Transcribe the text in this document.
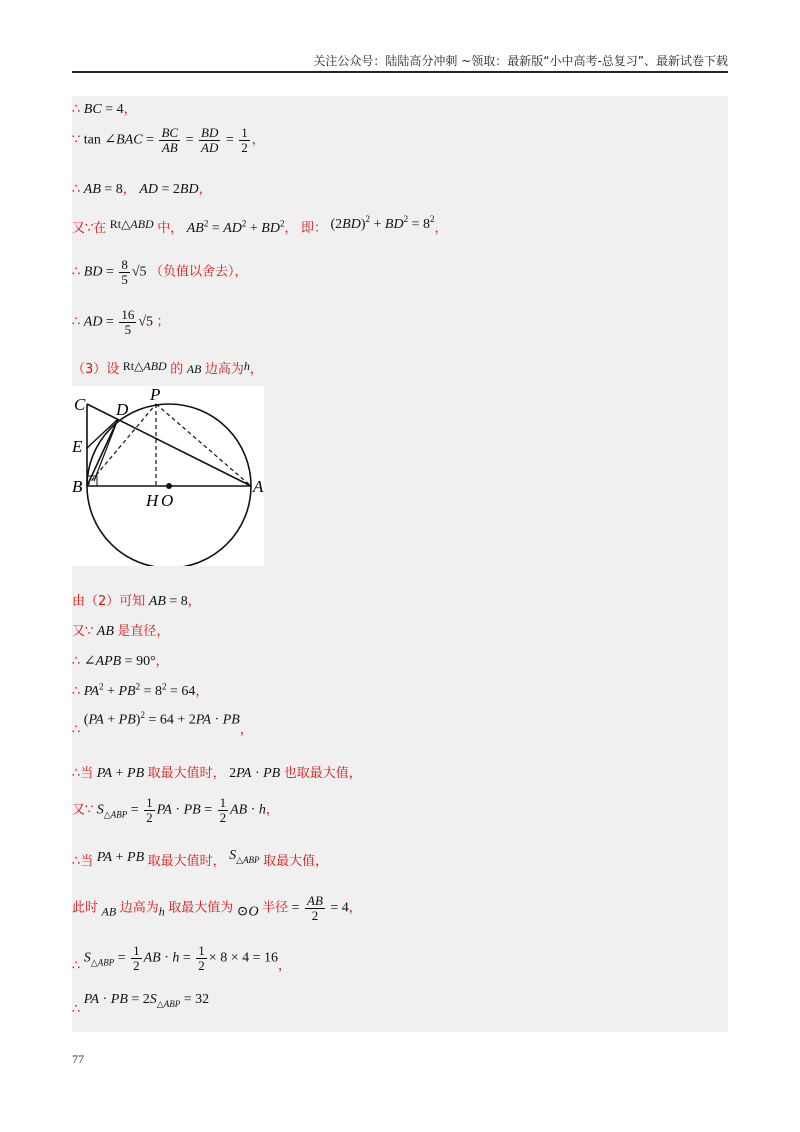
关注公众号：陆陆高分冲刺 ~领取：最新版“小中高考-总复习”、最新试卷下载
∴ BC = 4，
∵ tan ∠BAC = $\frac{BC}{AB} = \frac{BD}{AD} = \frac{1}{2}$ ，
∴ AB = 8， AD = 2BD，
又∵在 Rt△ABD 中， $AB^2 = AD^2 + BD^2$， 即： $(2BD)^2 + BD^2 = 8^2$，
∴ BD = $\frac{8}{5} √5$ （负值以舍去），
∴ AD = $\frac{16}{5} √5$ ；
（3）设 Rt△ABD 的 AB 边高为h，
C D
P
E
B
H O
A
由（2）可知 AB = 8，
又∵ AB 是直径，
∴ ∠APB = 90°，
∴ $PA^2 + PB^2 = 8^2 = 64$，
∴ (PA + PB)$^2$ = 64 + 2PA · PB，
∴当 PA + PB 取最大值时， 2PA · PB 也取最大值，
又∵ $S_{\triangle ABP} = \frac{1}{2}$ PA · PB = $\frac{1}{2}$ AB · h，
∴当 PA + PB 取最大值时， $S_{\triangle ABP}$ 取最大值，
此时 AB 边高为h 取最大值为 ⊙O 半径 = $\frac{AB}{2} = 4$，
∴ $S_{\triangle ABP} = \frac{1}{2}$ AB · $h = \frac{1}{2} \times 8 \times 4 = 16$，
∴ PA · PB = $2S_{\triangle ABP} = 32$
77
